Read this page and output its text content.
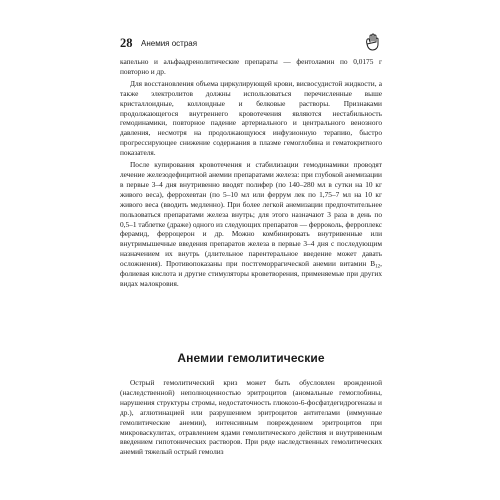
28 Анемия острая

капельно и альфаадренолитические препараты — фентоламин по 0,0175 г повторно и др.

Для восстановления объема циркулирующей крови, висвосудистой жидкости, а также электролитов должны использоваться перечисленные выше кристаллоидные, коллоидные и белковые растворы. Признаками продолжающегося внутреннего кровотечения являются нестабильность гемодинамики, повторное падение артериального и центрального венозного давления, несмотря на продолжающуюся инфузионную терапию, быстро прогрессирующее снижение содержания в плазме гемоглобина и гематокритного показателя.

После купирования кровотечения и стабилизации гемодинамики проводят лечение железодефицитной анемии препаратами железа: при глубокой анемизации в первые 3–4 дня внутривенно вводят полифер (по 140–280 мл в сутки на 10 кг живого веса), феррохевтан (по 5–10 мл или феррум лек по 1,75–7 мл на 10 кг живого веса (вводить медленно). При более легкой анемизации предпочтительнее пользоваться препаратами железа внутрь; для этого назначают 3 раза в день по 0,5–1 таблетке (драже) одного из следующих препаратов — ферроколь, ферроплекс ферамид, ферроцерон и др. Можно комбинировать внутривенные или внутримышечные введения препаратов железа в первые 3–4 дня с последующим назначением их внутрь (длительное парентеральное введение может давать осложнения). Противопоказаны при постгеморрагической анемии витамин $В_{12}$, фолиевая кислота и другие стимуляторы кроветворения, применяемые при других видах малокровия.

Анемии гемолитические

Острый гемолитический криз может быть обусловлен врожденной (наследственной) неполноценностью эритроцитов (аномальные гемоглобины, нарушения структуры стромы, недостаточность глюкозо-6-фосфатдегидрогеназы и др.), аглютинацией или разрушением эритроцитов антителами (иммунные гемолитические анемии), интенсивным повреждением эритроцитов при микроваскулитах, отравлением ядами гемолитического действия и внутривенным введением гипотонических растворов. При ряде наследственных гемолитических анемий тяжелый острый гемолиз
